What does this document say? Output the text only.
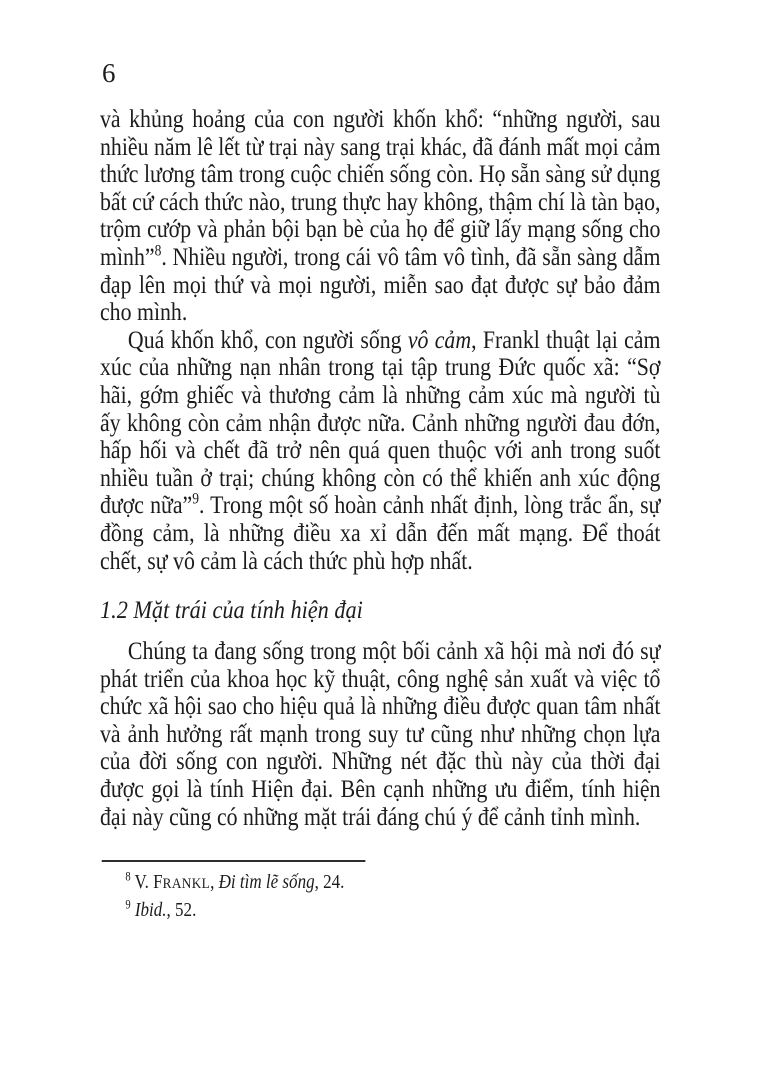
6

và khủng hoảng của con người khốn khổ: “những người, sau nhiều năm lê lết từ trại này sang trại khác, đã đánh mất mọi cảm thức lương tâm trong cuộc chiến sống còn. Họ sẵn sàng sử dụng bất cứ cách thức nào, trung thực hay không, thậm chí là tàn bạo, trộm cướp và phản bội bạn bè của họ để giữ lấy mạng sống cho mình”$^8$. Nhiều người, trong cái vô tâm vô tình, đã sẵn sàng dẫm đạp lên mọi thứ và mọi người, miễn sao đạt được sự bảo đảm cho mình.

Quá khốn khổ, con người sống vô cảm, Frankl thuật lại cảm xúc của những nạn nhân trong tại tập trung Đức quốc xã: “Sợ hãi, gớm ghiếc và thương cảm là những cảm xúc mà người tù ấy không còn cảm nhận được nữa. Cảnh những người đau đớn, hấp hối và chết đã trở nên quá quen thuộc với anh trong suốt nhiều tuần ở trại; chúng không còn có thể khiến anh xúc động được nữa”$^9$. Trong một số hoàn cảnh nhất định, lòng trắc ẩn, sự đồng cảm, là những điều xa xỉ dẫn đến mất mạng. Để thoát chết, sự vô cảm là cách thức phù hợp nhất.

1.2 Mặt trái của tính hiện đại

Chúng ta đang sống trong một bối cảnh xã hội mà nơi đó sự phát triển của khoa học kỹ thuật, công nghệ sản xuất và việc tổ chức xã hội sao cho hiệu quả là những điều được quan tâm nhất và ảnh hưởng rất mạnh trong suy tư cũng như những chọn lựa của đời sống con người. Những nét đặc thù này của thời đại được gọi là tính Hiện đại. Bên cạnh những ưu điểm, tính hiện đại này cũng có những mặt trái đáng chú ý để cảnh tỉnh mình.

$^8$ V. FRANKL, Đi tìm lẽ sống, 24.

$^9$ Ibid., 52.
